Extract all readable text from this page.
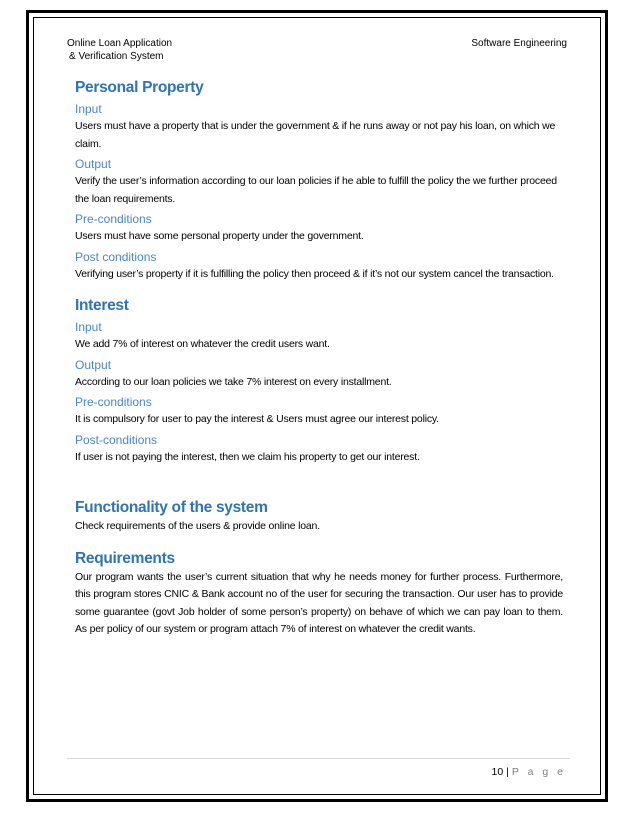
Online Loan Application
& Verification System
Software Engineering
Personal Property
Input

Users must have a property that is under the government & if he runs away or not pay his loan, on which we claim.

Output

Verify the user’s information according to our loan policies if he able to fulfill the policy the we further proceed the loan requirements.

Pre-conditions

Users must have some personal property under the government.

Post conditions

Verifying user’s property if it is fulfilling the policy then proceed & if it’s not our system cancel the transaction.

Interest
Input

We add 7% of interest on whatever the credit users want.

Output

According to our loan policies we take 7% interest on every installment.

Pre-conditions

It is compulsory for user to pay the interest & Users must agree our interest policy.

Post-conditions

If user is not paying the interest, then we claim his property to get our interest.

Functionality of the system

Check requirements of the users & provide online loan.

Requirements

Our program wants the user’s current situation that why he needs money for further process. Furthermore, this program stores CNIC & Bank account no of the user for securing the transaction. Our user has to provide some guarantee (govt Job holder of some person’s property) on behave of which we can pay loan to them. As per policy of our system or program attach 7% of interest on whatever the credit wants.

10 | P a g e
